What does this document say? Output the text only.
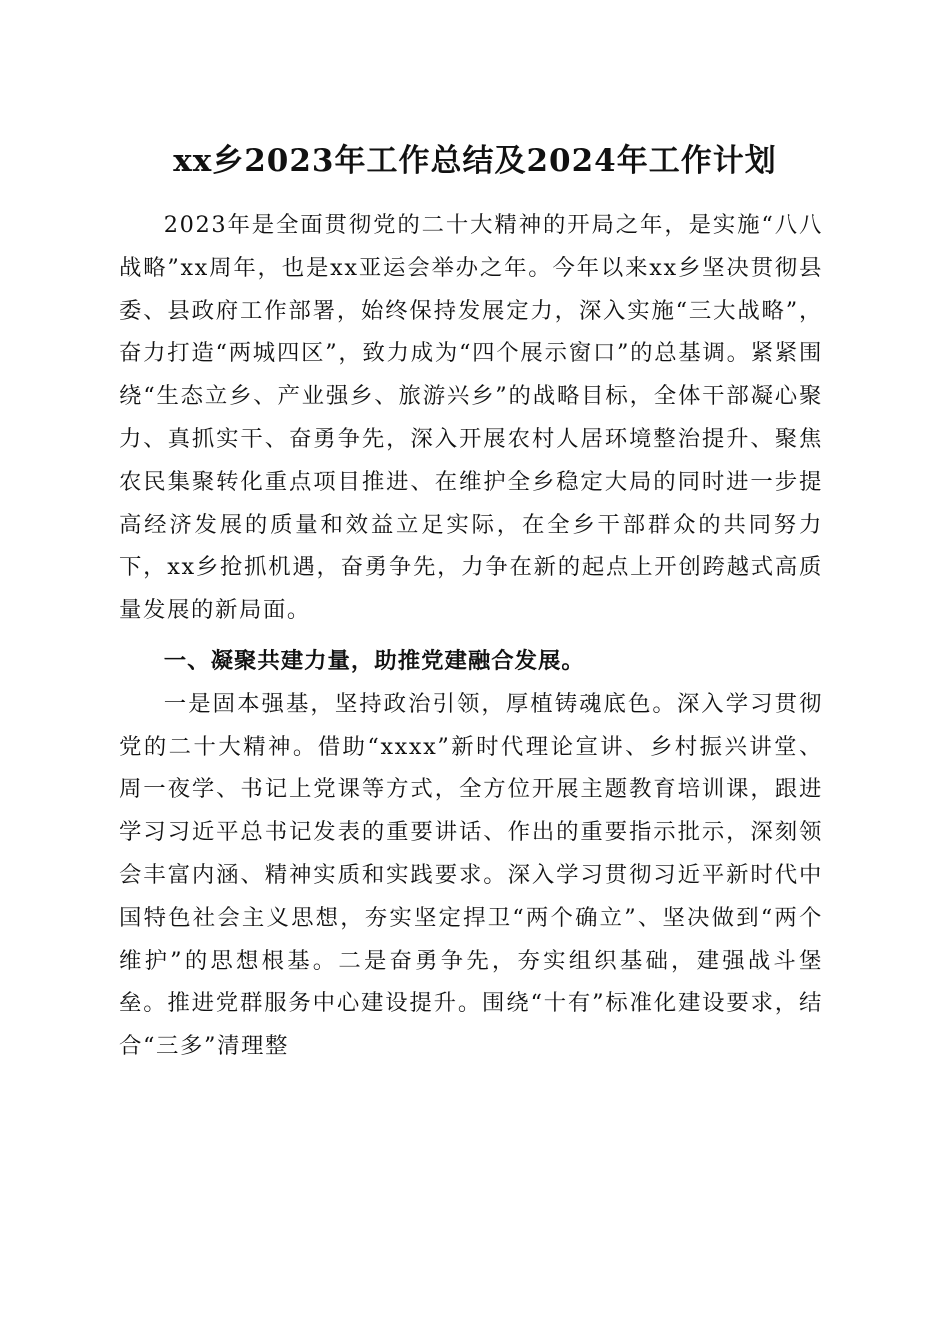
xx乡2023年工作总结及2024年工作计划

2023年是全面贯彻党的二十大精神的开局之年，是实施“八八战略”xx周年，也是xx亚运会举办之年。今年以来xx乡坚决贯彻县委、县政府工作部署，始终保持发展定力，深入实施“三大战略”，奋力打造“两城四区”，致力成为“四个展示窗口”的总基调。紧紧围绕“生态立乡、产业强乡、旅游兴乡”的战略目标，全体干部凝心聚力、真抓实干、奋勇争先，深入开展农村人居环境整治提升、聚焦农民集聚转化重点项目推进、在维护全乡稳定大局的同时进一步提高经济发展的质量和效益立足实际，在全乡干部群众的共同努力下，xx乡抢抓机遇，奋勇争先，力争在新的起点上开创跨越式高质量发展的新局面。

一、凝聚共建力量，助推党建融合发展。

一是固本强基，坚持政治引领，厚植铸魂底色。深入学习贯彻党的二十大精神。借助“xxxx”新时代理论宣讲、乡村振兴讲堂、周一夜学、书记上党课等方式，全方位开展主题教育培训课，跟进学习习近平总书记发表的重要讲话、作出的重要指示批示，深刻领会丰富内涵、精神实质和实践要求。深入学习贯彻习近平新时代中国特色社会主义思想，夯实坚定捍卫“两个确立”、坚决做到“两个维护”的思想根基。二是奋勇争先，夯实组织基础，建强战斗堡垒。推进党群服务中心建设提升。围绕“十有”标准化建设要求，结合“三多”清理整
